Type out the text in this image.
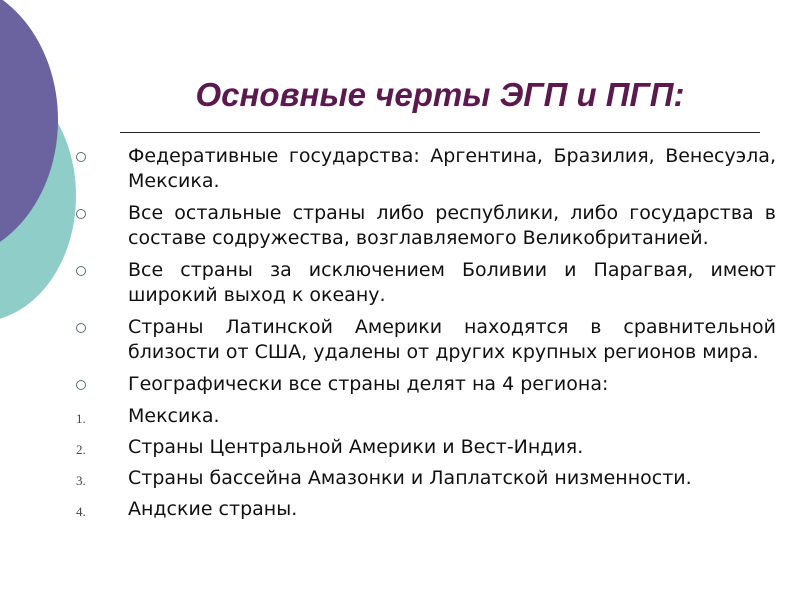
Основные черты ЭГП и ПГП:

Федеративные государства: Аргентина, Бразилия, Венесуэла, Мексика.

Все остальные страны либо республики, либо государства в составе содружества, возглавляемого Великобританией.

Все страны за исключением Боливии и Парагвая, имеют широкий выход к океану.

Страны Латинской Америки находятся в сравнительной близости от США, удалены от других крупных регионов мира.

Географически все страны делят на 4 региона:

1. Мексика.

2. Страны Центральной Америки и Вест-Индия.

3. Страны бассейна Амазонки и Лаплатской низменности.

4. Андские страны.
